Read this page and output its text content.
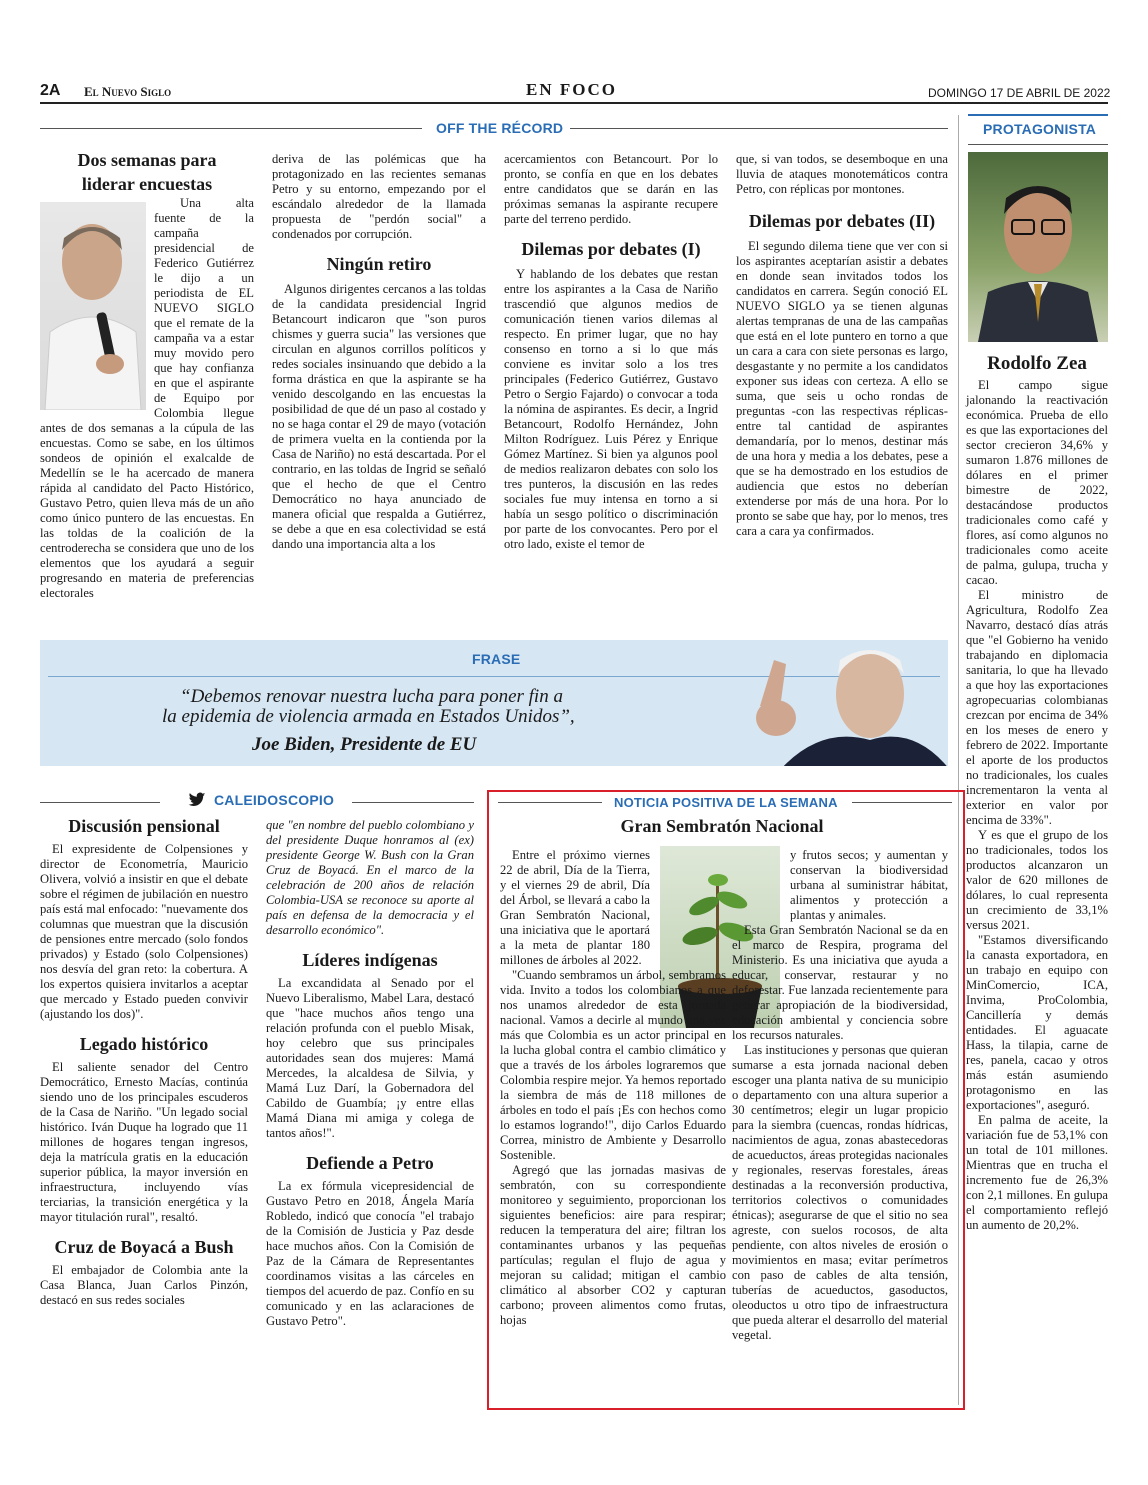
2A El Nuevo Siglo	EN FOCO	DOMINGO 17 DE ABRIL DE 2022
OFF THE RÉCORD
Dos semanas para liderar encuestas

Una alta fuente de la campaña presidencial de Federico Gutiérrez le dijo a un periodista de EL NUEVO SIGLO que el remate de la campaña va a estar muy movido pero que hay confianza en que el aspirante de Equipo por Colombia llegue antes de dos semanas a la cúpula de las encuestas. Como se sabe, en los últimos sondeos de opinión el exalcalde de Medellín se le ha acercado de manera rápida al candidato del Pacto Histórico, Gustavo Petro, quien lleva más de un año como único puntero de las encuestas. En las toldas de la coalición de la centroderecha se considera que uno de los elementos que los ayudará a seguir progresando en materia de preferencias electorales

deriva de las polémicas que ha protagonizado en las recientes semanas Petro y su entorno, empezando por el escándalo alrededor de la llamada propuesta de "perdón social" a condenados por corrupción.

Ningún retiro

Algunos dirigentes cercanos a las toldas de la candidata presidencial Ingrid Betancourt indicaron que "son puros chismes y guerra sucia" las versiones que circulan en algunos corrillos políticos y redes sociales insinuando que debido a la forma drástica en que la aspirante se ha venido descolgando en las encuestas la posibilidad de que dé un paso al costado y no se haga contar el 29 de mayo (votación de primera vuelta en la contienda por la Casa de Nariño) no está descartada. Por el contrario, en las toldas de Ingrid se señaló que el hecho de que el Centro Democrático no haya anunciado de manera oficial que respalda a Gutiérrez, se debe a que en esa colectividad se está dando una importancia alta a los

acercamientos con Betancourt. Por lo pronto, se confía en que en los debates entre candidatos que se darán en las próximas semanas la aspirante recupere parte del terreno perdido.

Dilemas por debates (I)

Y hablando de los debates que restan entre los aspirantes a la Casa de Nariño trascendió que algunos medios de comunicación tienen varios dilemas al respecto. En primer lugar, que no hay consenso en torno a si lo que más conviene es invitar solo a los tres principales (Federico Gutiérrez, Gustavo Petro o Sergio Fajardo) o convocar a toda la nómina de aspirantes. Es decir, a Ingrid Betancourt, Rodolfo Hernández, John Milton Rodríguez. Luis Pérez y Enrique Gómez Martínez. Si bien ya algunos pool de medios realizaron debates con solo los tres punteros, la discusión en las redes sociales fue muy intensa en torno a si había un sesgo político o discriminación por parte de los convocantes. Pero por el otro lado, existe el temor de

que, si van todos, se desemboque en una lluvia de ataques monotemáticos contra Petro, con réplicas por montones.

Dilemas por debates (II)

El segundo dilema tiene que ver con si los aspirantes aceptarían asistir a debates en donde sean invitados todos los candidatos en carrera. Según conoció EL NUEVO SIGLO ya se tienen algunas alertas tempranas de una de las campañas que está en el lote puntero en torno a que un cara a cara con siete personas es largo, desgastante y no permite a los candidatos exponer sus ideas con certeza. A ello se suma, que seis u ocho rondas de preguntas -con las respectivas réplicas- entre tal cantidad de aspirantes demandaría, por lo menos, destinar más de una hora y media a los debates, pese a que se ha demostrado en los estudios de audiencia que estos no deberían extenderse por más de una hora. Por lo pronto se sabe que hay, por lo menos, tres cara a cara ya confirmados.

PROTAGONISTA
Rodolfo Zea

El campo sigue jalonando la reactivación económica. Prueba de ello es que las exportaciones del sector crecieron 34,6% y sumaron 1.876 millones de dólares en el primer bimestre de 2022, destacándose productos tradicionales como café y flores, así como algunos no tradicionales como aceite de palma, gulupa, trucha y cacao.

El ministro de Agricultura, Rodolfo Zea Navarro, destacó días atrás que "el Gobierno ha venido trabajando en diplomacia sanitaria, lo que ha llevado a que hoy las exportaciones agropecuarias colombianas crezcan por encima de 34% en los meses de enero y febrero de 2022. Importante el aporte de los productos no tradicionales, los cuales incrementaron la venta al exterior en valor por encima de 33%".

Y es que el grupo de los no tradicionales, todos los productos alcanzaron un valor de 620 millones de dólares, lo cual representa un crecimiento de 33,1% versus 2021.

"Estamos diversificando la canasta exportadora, en un trabajo en equipo con MinComercio, ICA, Invima, ProColombia, Cancillería y demás entidades. El aguacate Hass, la tilapia, carne de res, panela, cacao y otros más están asumiendo protagonismo en las exportaciones", aseguró.

En palma de aceite, la variación fue de 53,1% con un total de 101 millones. Mientras que en trucha el incremento fue de 26,3% con 2,1 millones. En gulupa el comportamiento reflejó un aumento de 20,2%.

FRASE
“Debemos renovar nuestra lucha para poner fin a
la epidemia de violencia armada en Estados Unidos”,
Joe Biden, Presidente de EU
CALEIDOSCOPIO
Discusión pensional

El expresidente de Colpensiones y director de Econometría, Mauricio Olivera, volvió a insistir en que el debate sobre el régimen de jubilación en nuestro país está mal enfocado: "nuevamente dos columnas que muestran que la discusión de pensiones entre mercado (solo fondos privados) y Estado (solo Colpensiones) nos desvía del gran reto: la cobertura. A los expertos quisiera invitarlos a aceptar que mercado y Estado pueden convivir (ajustando los dos)".

Legado histórico

El saliente senador del Centro Democrático, Ernesto Macías, continúa siendo uno de los principales escuderos de la Casa de Nariño. "Un legado social histórico. Iván Duque ha logrado que 11 millones de hogares tengan ingresos, deja la matrícula gratis en la educación superior pública, la mayor inversión en infraestructura, incluyendo vías terciarias, la transición energética y la mayor titulación rural", resaltó.

Cruz de Boyacá a Bush

El embajador de Colombia ante la Casa Blanca, Juan Carlos Pinzón, destacó en sus redes sociales

que "en nombre del pueblo colombiano y del presidente Duque honramos al (ex) presidente George W. Bush con la Gran Cruz de Boyacá. En el marco de la celebración de 200 años de relación Colombia-USA se reconoce su aporte al país en defensa de la democracia y el desarrollo económico".

Líderes indígenas

La excandidata al Senado por el Nuevo Liberalismo, Mabel Lara, destacó que "hace muchos años tengo una relación profunda con el pueblo Misak, hoy celebro que sus principales autoridades sean dos mujeres: Mamá Mercedes, la alcaldesa de Silvia, y Mamá Luz Darí, la Gobernadora del Cabildo de Guambía; ¡y entre ellas Mamá Diana mi amiga y colega de tantos años!".

Defiende a Petro

La ex fórmula vicepresidencial de Gustavo Petro en 2018, Ángela María Robledo, indicó que conocía "el trabajo de la Comisión de Justicia y Paz desde hace muchos años. Con la Comisión de Paz de la Cámara de Representantes coordinamos visitas a las cárceles en tiempos del acuerdo de paz. Confío en su comunicado y en las aclaraciones de Gustavo Petro".

NOTICIA POSITIVA DE LA SEMANA
Gran Sembratón Nacional

Entre el próximo viernes 22 de abril, Día de la Tierra, y el viernes 29 de abril, Día del Árbol, se llevará a cabo la Gran Sembratón Nacional, una iniciativa que le aportará a la meta de plantar 180 millones de árboles al 2022.

"Cuando sembramos un árbol, sembramos vida. Invito a todos los colombianos a que nos unamos alrededor de esta jornada nacional. Vamos a decirle al mundo una vez más que Colombia es un actor principal en la lucha global contra el cambio climático y que a través de los árboles lograremos que Colombia respire mejor. Ya hemos reportado la siembra de más de 118 millones de árboles en todo el país ¡Es con hechos como lo estamos logrando!", dijo Carlos Eduardo Correa, ministro de Ambiente y Desarrollo Sostenible.

Agregó que las jornadas masivas de sembratón, con su correspondiente monitoreo y seguimiento, proporcionan los siguientes beneficios: aire para respirar; reducen la temperatura del aire; filtran los contaminantes urbanos y las pequeñas partículas; regulan el flujo de agua y mejoran su calidad; mitigan el cambio climático al absorber CO2 y capturan carbono; proveen alimentos como frutas, hojas

y frutos secos; y aumentan y conservan la biodiversidad urbana al suministrar hábitat, alimentos y protección a plantas y animales.

Esta Gran Sembratón Nacional se da en el marco de Respira, programa del Ministerio. Es una iniciativa que ayuda a educar, conservar, restaurar y no deforestar. Fue lanzada recientemente para generar apropiación de la biodiversidad, educación ambiental y conciencia sobre los recursos naturales.

Las instituciones y personas que quieran sumarse a esta jornada nacional deben escoger una planta nativa de su municipio o departamento con una altura superior a 30 centímetros; elegir un lugar propicio para la siembra (cuencas, rondas hídricas, nacimientos de agua, zonas abastecedoras de acueductos, áreas protegidas nacionales y regionales, reservas forestales, áreas destinadas a la reconversión productiva, territorios colectivos o comunidades étnicas); asegurarse de que el sitio no sea agreste, con suelos rocosos, de alta pendiente, con altos niveles de erosión o movimientos en masa; evitar perímetros con paso de cables de alta tensión, tuberías de acueductos, gasoductos, oleoductos u otro tipo de infraestructura que pueda alterar el desarrollo del material vegetal.
